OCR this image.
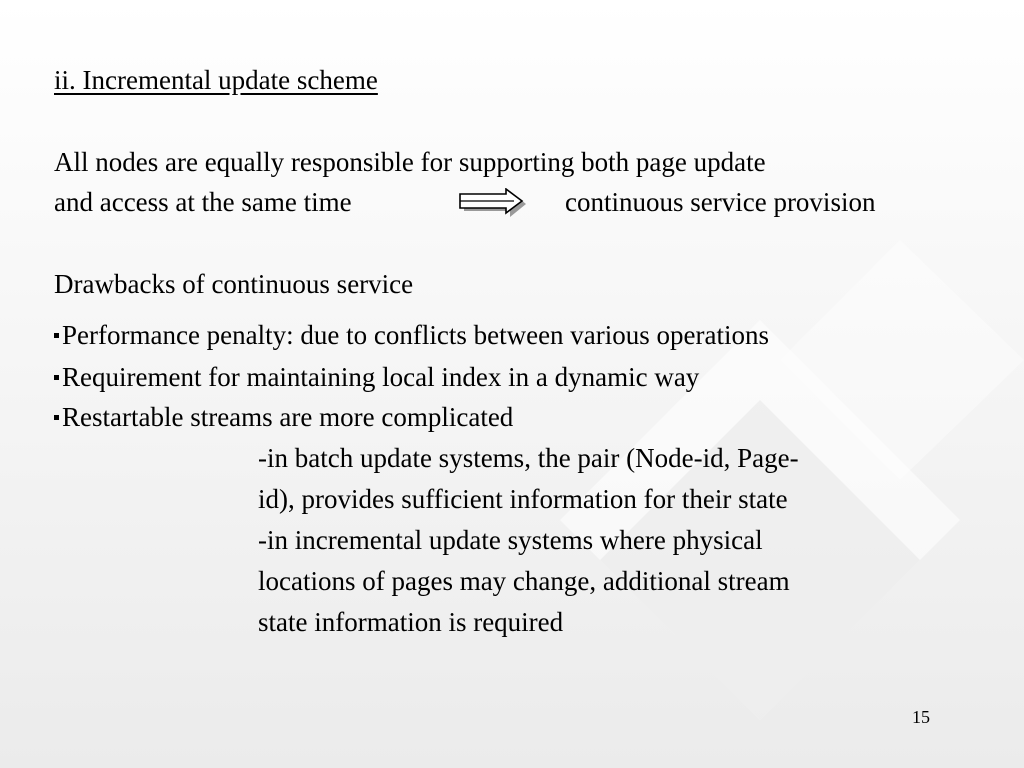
ii. Incremental update scheme
All nodes are equally responsible for supporting both page update
and access at the same time	continuous service provision
Drawbacks of continuous service
Performance penalty: due to conflicts between various operations
Requirement for maintaining local index in a dynamic way
Restartable streams are more complicated
-in batch update systems, the pair (Node-id, Page-
id), provides sufficient information for their state
-in incremental update systems where physical
locations of pages may change, additional stream
state information is required
15
